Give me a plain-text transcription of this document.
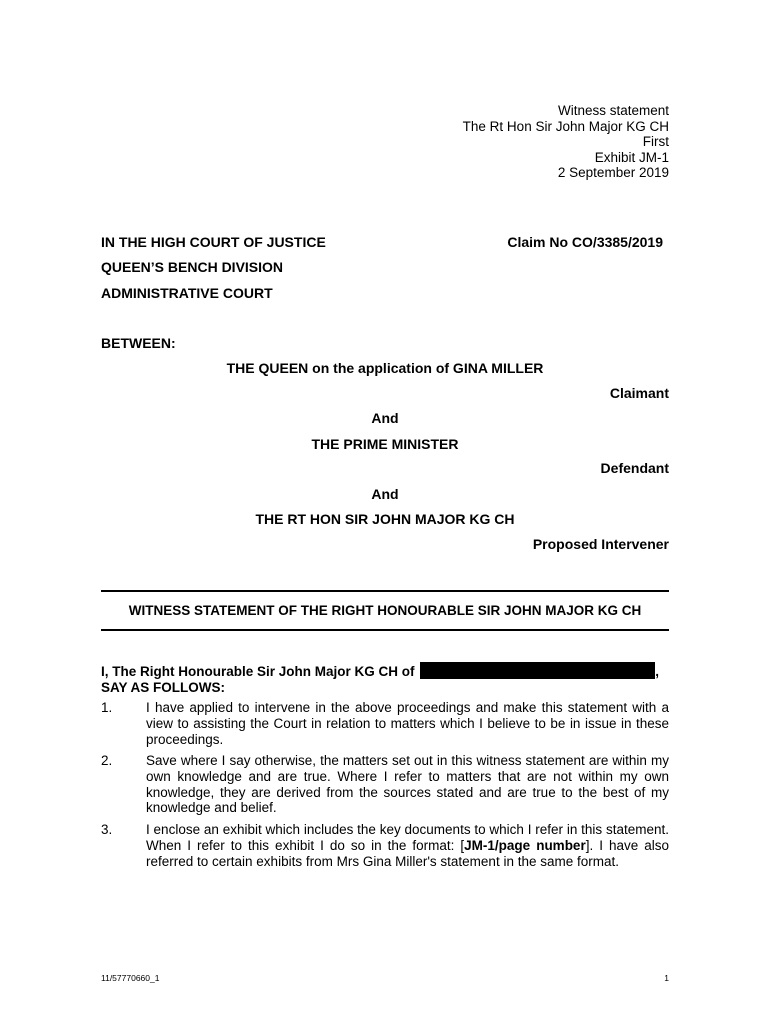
Witness statement
The Rt Hon Sir John Major KG CH
First
Exhibit JM-1
2 September 2019
IN THE HIGH COURT OF JUSTICE	Claim No CO/3385/2019
QUEEN’S BENCH DIVISION
ADMINISTRATIVE COURT
BETWEEN:
THE QUEEN on the application of GINA MILLER
Claimant
And
THE PRIME MINISTER
Defendant
And
THE RT HON SIR JOHN MAJOR KG CH
Proposed Intervener
WITNESS STATEMENT OF THE RIGHT HONOURABLE SIR JOHN MAJOR KG CH
I, The Right Honourable Sir John Major KG CH of	,
SAY AS FOLLOWS:
1. I have applied to intervene in the above proceedings and make this statement with a view to assisting the Court in relation to matters which I believe to be in issue in these proceedings.
2. Save where I say otherwise, the matters set out in this witness statement are within my own knowledge and are true. Where I refer to matters that are not within my own knowledge, they are derived from the sources stated and are true to the best of my knowledge and belief.
3. I enclose an exhibit which includes the key documents to which I refer in this statement. When I refer to this exhibit I do so in the format: [JM-1/page number]. I have also referred to certain exhibits from Mrs Gina Miller's statement in the same format.
11/57770660_1	1
